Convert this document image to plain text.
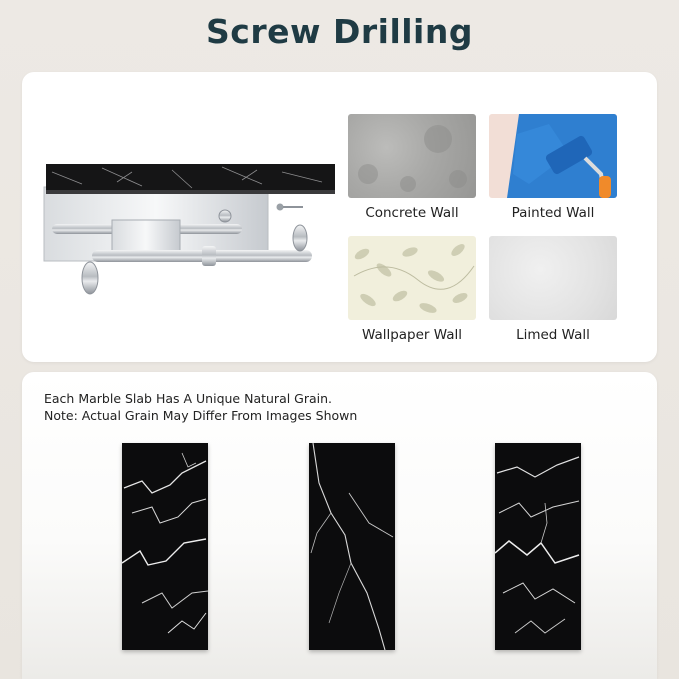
Screw Drilling
Concrete Wall	Painted Wall
Wallpaper Wall	Limed Wall
Each Marble Slab Has A Unique Natural Grain.
Note: Actual Grain May Differ From Images Shown
